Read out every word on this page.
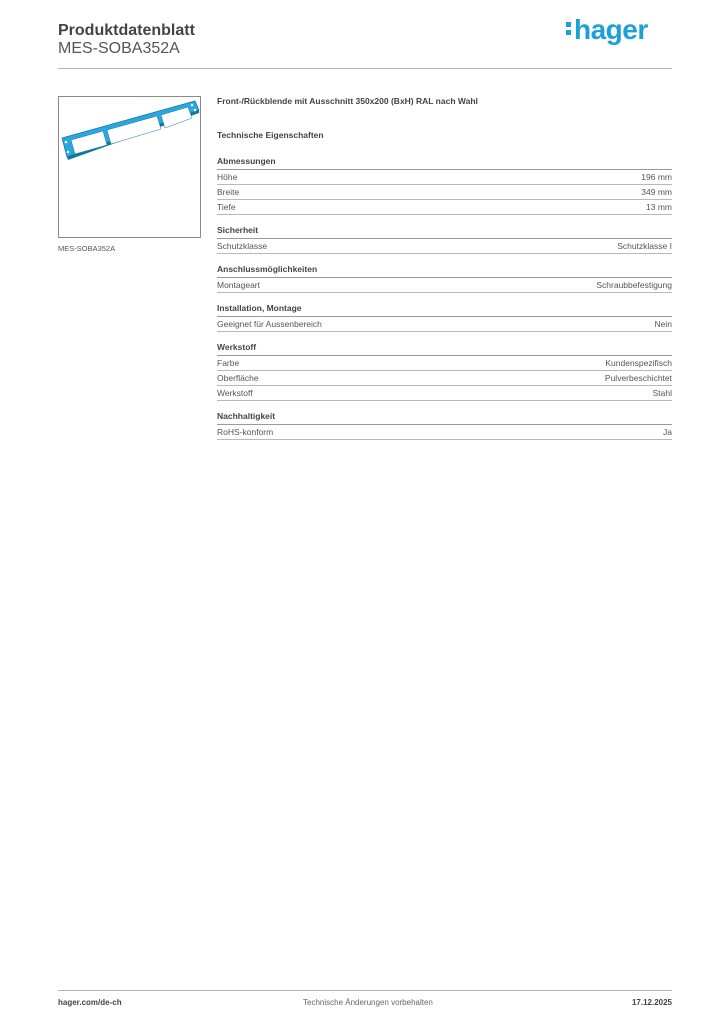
Produktdatenblatt
MES-SOBA352A
hager
MES-SOBA352A
Front-/Rückblende mit Ausschnitt 350x200 (BxH) RAL nach Wahl
Technische Eigenschaften
Abmessungen
Höhe	196 mm
Breite	349 mm
Tiefe	13 mm
Sicherheit
Schutzklasse	Schutzklasse I
Anschlussmöglichkeiten
Montageart	Schraubbefestigung
Installation, Montage
Geeignet für Aussenbereich	Nein
Werkstoff
Farbe	Kundenspezifisch
Oberfläche	Pulverbeschichtet
Werkstoff	Stahl
Nachhaltigkeit
RoHS-konform	Ja
hager.com/de-ch	Technische Änderungen vorbehalten	17.12.2025
